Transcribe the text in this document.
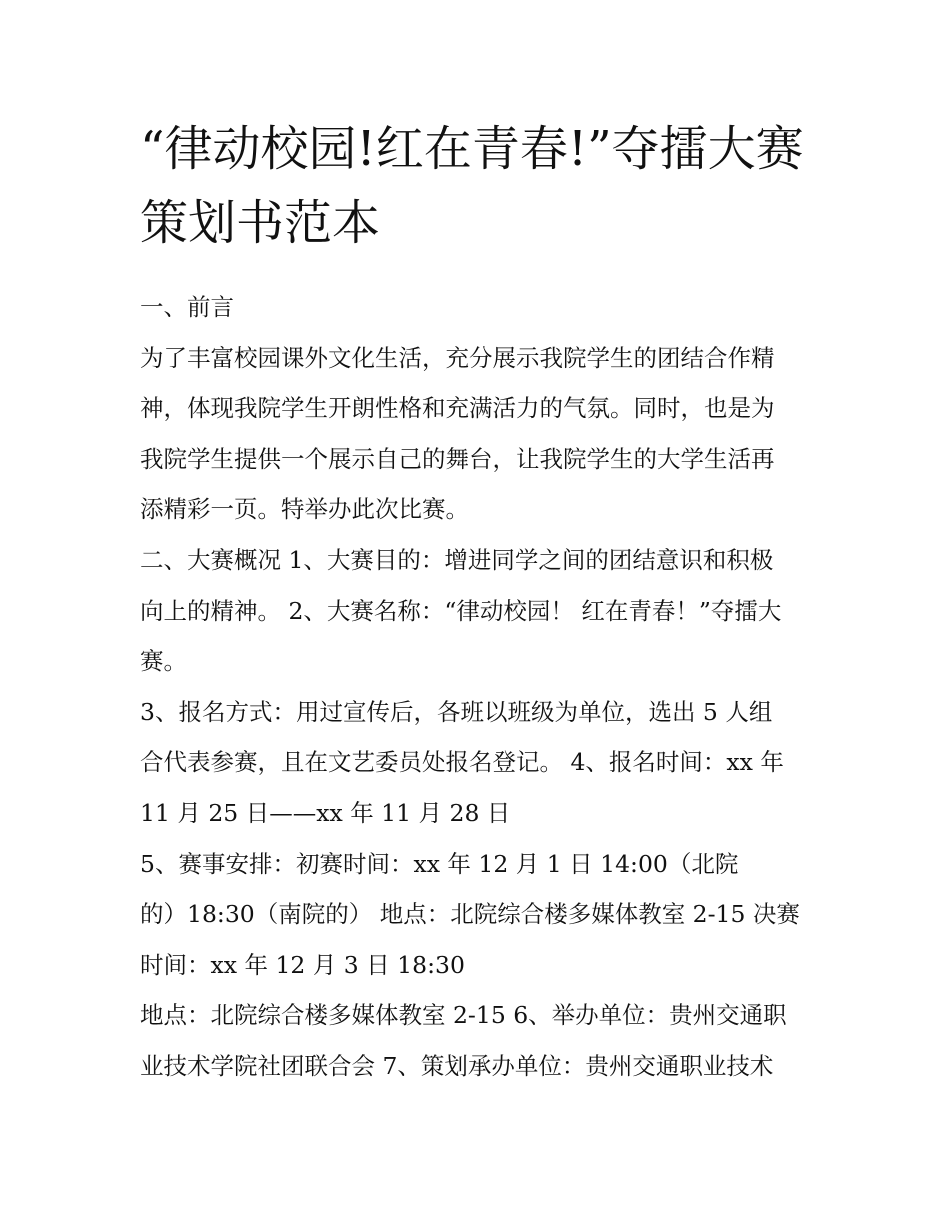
“律动校园!红在青春!”夺擂大赛
策划书范本
一、前言
为了丰富校园课外文化生活，充分展示我院学生的团结合作精
神，体现我院学生开朗性格和充满活力的气氛。同时，也是为
我院学生提供一个展示自己的舞台，让我院学生的大学生活再
添精彩一页。特举办此次比赛。
二、大赛概况 1、大赛目的：增进同学之间的团结意识和积极
向上的精神。 2、大赛名称：“律动校园！ 红在青春！”夺擂大
赛。
3、报名方式：用过宣传后，各班以班级为单位，选出 5 人组
合代表参赛，且在文艺委员处报名登记。 4、报名时间：xx 年
11 月 25 日——xx 年 11 月 28 日
5、赛事安排：初赛时间：xx 年 12 月 1 日 14:00（北院
的）18:30（南院的） 地点：北院综合楼多媒体教室 2-15 决赛
时间：xx 年 12 月 3 日 18:30
地点：北院综合楼多媒体教室 2-15 6、举办单位：贵州交通职
业技术学院社团联合会 7、策划承办单位：贵州交通职业技术
